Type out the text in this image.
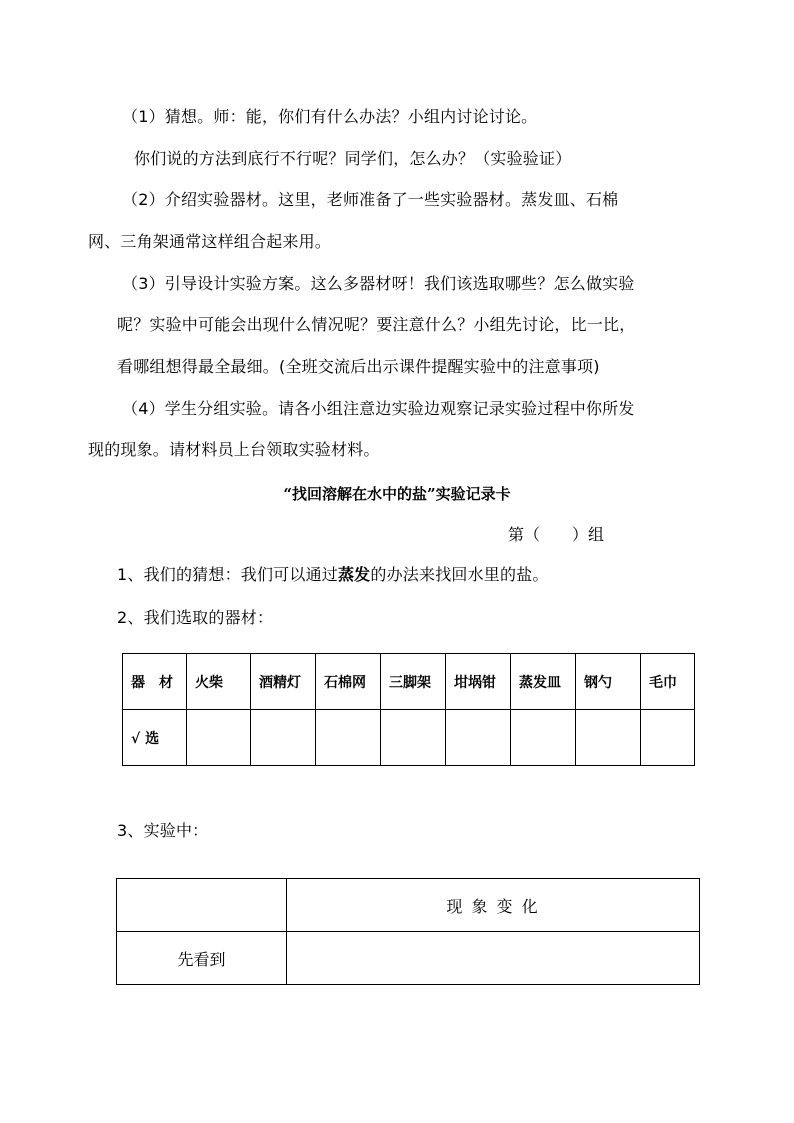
（1）猜想。师：能，你们有什么办法？小组内讨论讨论。
你们说的方法到底行不行呢？同学们，怎么办？（实验验证）
（2）介绍实验器材。这里，老师准备了一些实验器材。蒸发皿、石棉
网、三角架通常这样组合起来用。
（3）引导设计实验方案。这么多器材呀！我们该选取哪些？怎么做实验
呢？实验中可能会出现什么情况呢？要注意什么？小组先讨论，比一比，
看哪组想得最全最细。(全班交流后出示课件提醒实验中的注意事项)
（4）学生分组实验。请各小组注意边实验边观察记录实验过程中你所发
现的现象。请材料员上台领取实验材料。
“找回溶解在水中的盐”实验记录卡
第（　　）组
1、我们的猜想：我们可以通过蒸发的办法来找回水里的盐。
2、我们选取的器材：
器　材	火柴	酒精灯	石棉网	三脚架	坩埚钳	蒸发皿	钢勺	毛巾
√ 选								
3、实验中：
	现 象 变 化
先看到	
